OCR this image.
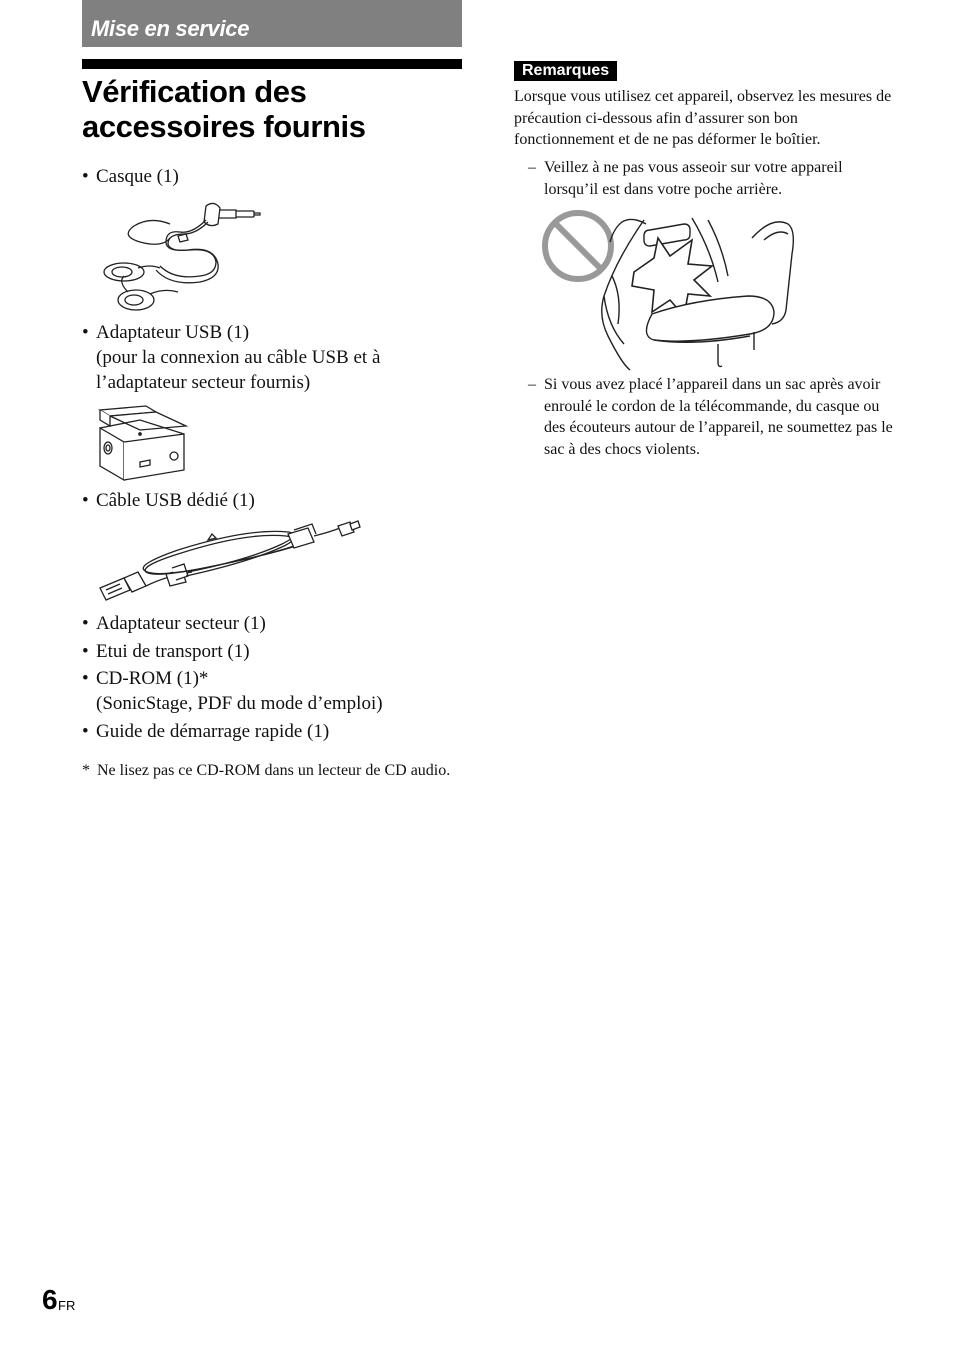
Mise en service
Vérification des
accessoires fournis
• Casque (1)
• Adaptateur USB (1)
(pour la connexion au câble USB et à
l’adaptateur secteur fournis)
• Câble USB dédié (1)
• Adaptateur secteur (1)
• Etui de transport (1)
• CD-ROM (1)*
(SonicStage, PDF du mode d’emploi)
• Guide de démarrage rapide (1)
* Ne lisez pas ce CD-ROM dans un lecteur de CD audio.
Remarques
Lorsque vous utilisez cet appareil, observez les mesures de précaution ci-dessous afin d’assurer son bon fonctionnement et de ne pas déformer le boîtier.
– Veillez à ne pas vous asseoir sur votre appareil lorsqu’il est dans votre poche arrière.
– Si vous avez placé l’appareil dans un sac après avoir enroulé le cordon de la télécommande, du casque ou des écouteurs autour de l’appareil, ne soumettez pas le sac à des chocs violents.
6 FR
